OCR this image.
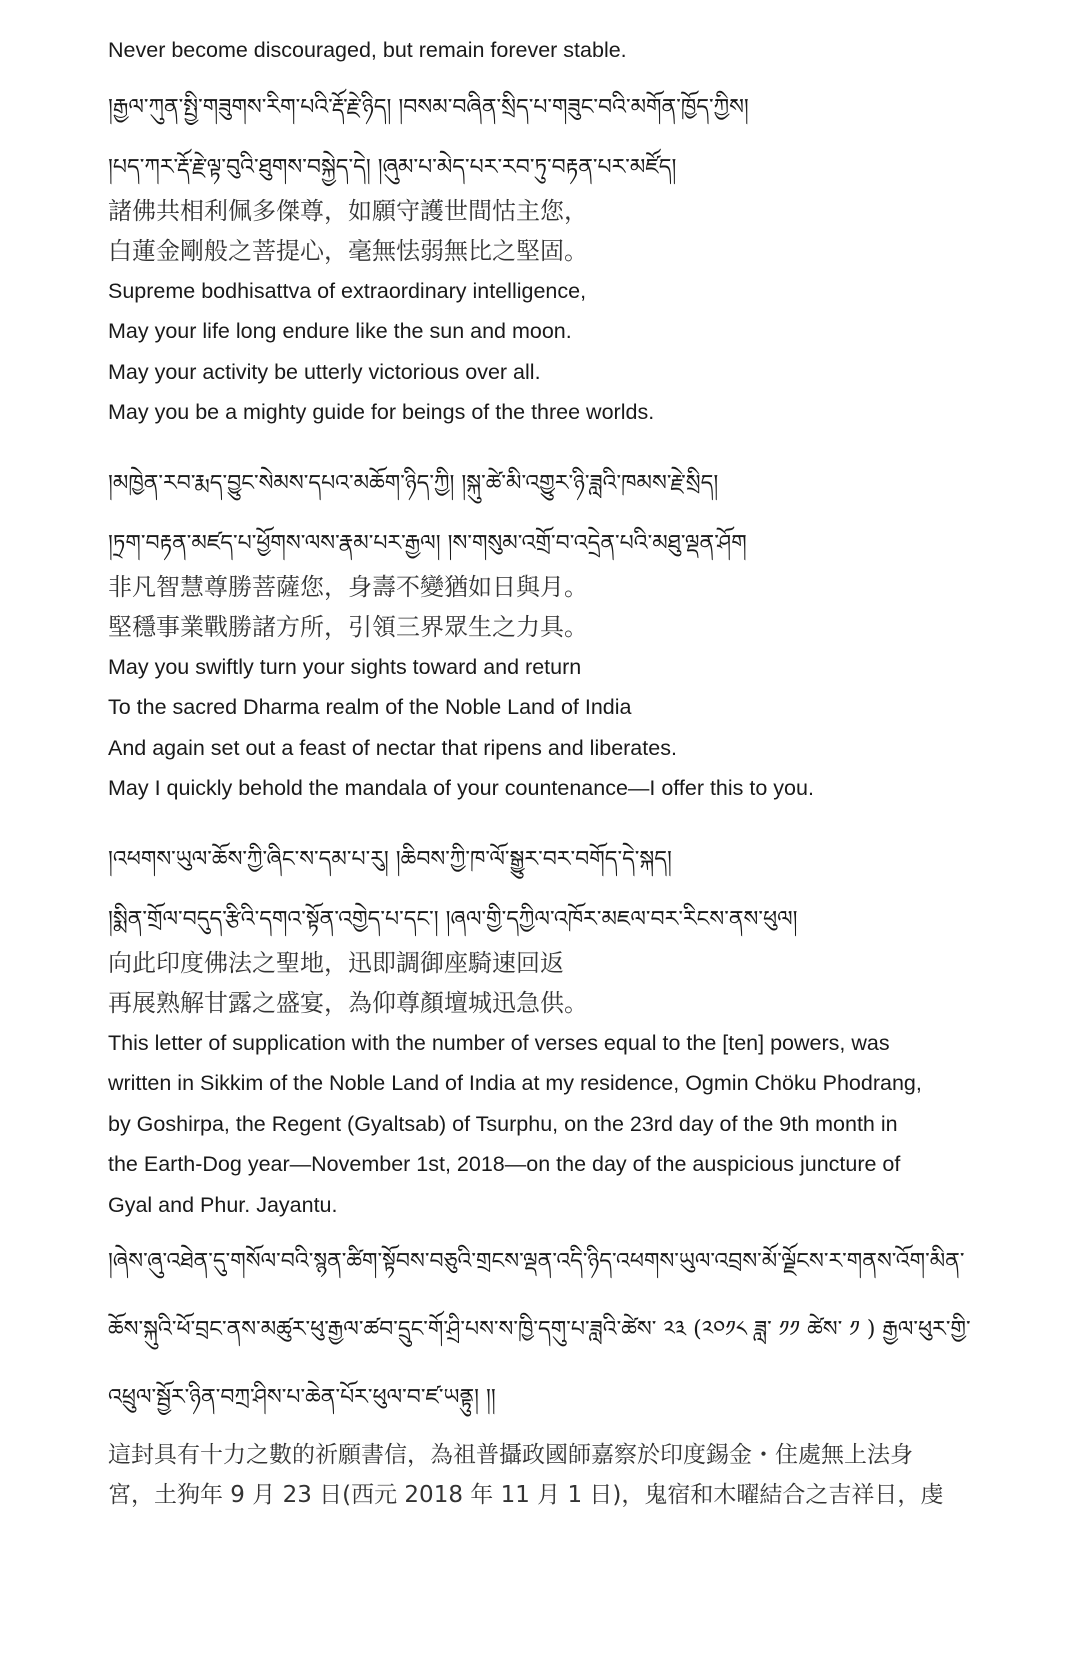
Never become discouraged, but remain forever stable.

།རྒྱལ་ཀུན་སྤྱི་གཟུགས་རིག་པའི་རྡོ་རྗེ་ཉིད། །བསམ་བཞིན་སྲིད་པ་གཟུང་བའི་མགོན་ཁྱོད་ཀྱིས།

།པད་ཀར་རྡོ་རྗེ་ལྟ་བུའི་ཐུགས་བསྐྱེད་དེ། །ཞུམ་པ་མེད་པར་རབ་ཏུ་བརྟན་པར་མཛོད།

諸佛共相利佩多傑尊，如願守護世間怙主您，

白蓮金剛般之菩提心，毫無怯弱無比之堅固。

Supreme bodhisattva of extraordinary intelligence,

May your life long endure like the sun and moon.

May your activity be utterly victorious over all.

May you be a mighty guide for beings of the three worlds.

།མཁྱེན་རབ་རྨད་བྱུང་སེམས་དཔའ་མཆོག་ཉིད་ཀྱི། །སྐུ་ཚེ་མི་འགྱུར་ཉི་ཟླའི་ཁམས་རྗེ་སྲིད།

།ཏྲག་བརྟན་མཛད་པ་ཕྱོགས་ལས་རྣམ་པར་རྒྱལ། །ས་གསུམ་འགྲོ་བ་འདྲེན་པའི་མཐུ་ལྡན་ཤོག

非凡智慧尊勝菩薩您，身壽不變猶如日與月。

堅穩事業戰勝諸方所，引領三界眾生之力具。

May you swiftly turn your sights toward and return

To the sacred Dharma realm of the Noble Land of India

And again set out a feast of nectar that ripens and liberates.

May I quickly behold the mandala of your countenance—I offer this to you.

།འཕགས་ཡུལ་ཆོས་ཀྱི་ཞིང་ས་དམ་པ་རུ། །ཆིབས་ཀྱི་ཁ་ལོ་སྒྱུར་བར་བགོད་དེ་སྐད།

།སྨིན་གྲོལ་བདུད་རྩིའི་དགའ་སྟོན་འགྱེད་པ་དང་། །ཞལ་གྱི་དཀྱིལ་འཁོར་མཇལ་བར་རིངས་ནས་ཕུལ།

向此印度佛法之聖地，迅即調御座騎速回返

再展熟解甘露之盛宴，為仰尊顏壇城迅急供。

This letter of supplication with the number of verses equal to the [ten] powers, was

written in Sikkim of the Noble Land of India at my residence, Ogmin Chöku Phodrang,

by Goshirpa, the Regent (Gyaltsab) of Tsurphu, on the 23rd day of the 9th month in

the Earth-Dog year—November 1st, 2018—on the day of the auspicious juncture of

Gyal and Phur. Jayantu.

།ཞེས་ཞུ་འཐེན་དུ་གསོལ་བའི་སྙན་ཚིག་སྟོབས་བཅུའི་གྲངས་ལྡན་འདི་ཉིད་འཕགས་ཡུལ་འབྲས་མོ་ལྗོངས་ར་གནས་འོག་མིན་

ཆོས་སྐུའི་ཕོ་བྲང་ནས་མཚུར་ཕུ་རྒྱལ་ཚབ་དྲུང་གོ་ཤྲི་པས་ས་ཁྱི་དགུ་པ་ཟླའི་ཚེས་ ༢༣ (༢༠༡༨ ཟླ་ ༡༡ ཚེས་ ༡ ) རྒྱལ་ཕུར་གྱི་

འཕྲུལ་སྦྱོར་ཉིན་བཀྲ་ཤིས་པ་ཆེན་པོར་ཕུལ་བ་ཛ་ཡནྟུ། །།

這封具有十力之數的祈願書信，為祖普攝政國師嘉察於印度錫金・住處無上法身

宮，土狗年 9 月 23 日(西元 2018 年 11 月 1 日)，鬼宿和木曜結合之吉祥日，虔
